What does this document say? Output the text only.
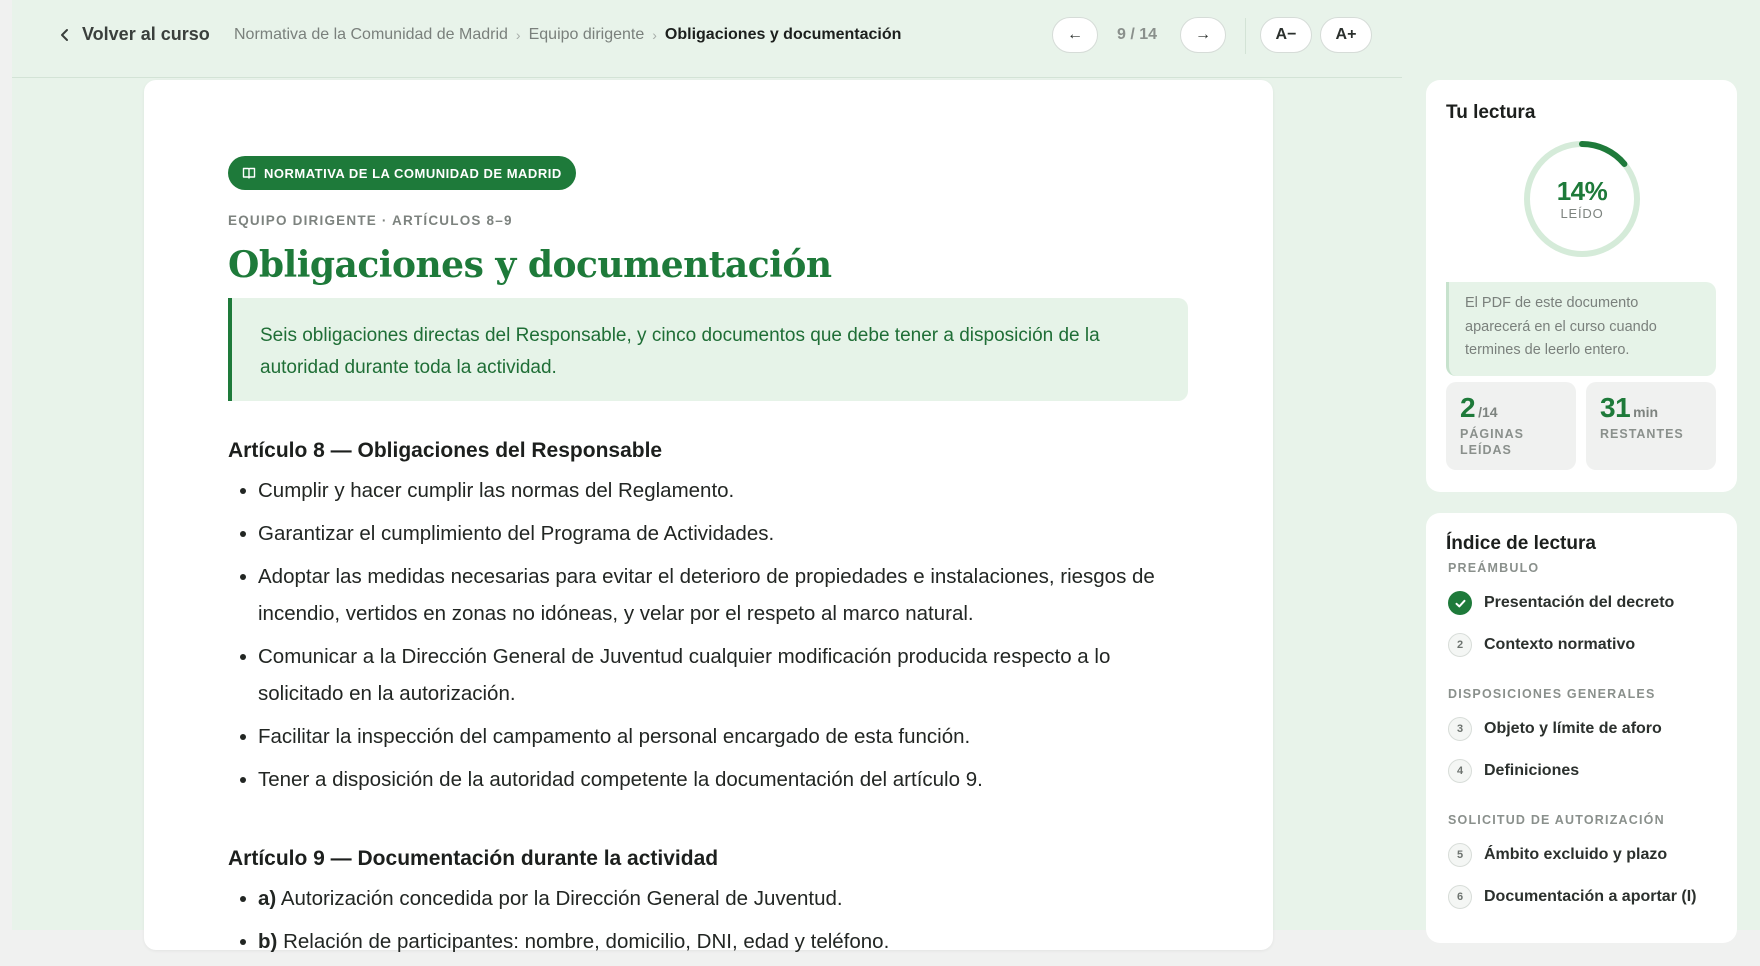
Volver al curso Normativa de la Comunidad de Madrid › Equipo dirigente › Obligaciones y documentación	← 9 / 14 →	A−	A+
NORMATIVA DE LA COMUNIDAD DE MADRID
EQUIPO DIRIGENTE · ARTÍCULOS 8–9
Obligaciones y documentación
Seis obligaciones directas del Responsable, y cinco documentos que debe tener a disposición de la autoridad durante toda la actividad.
Artículo 8 — Obligaciones del Responsable
Cumplir y hacer cumplir las normas del Reglamento.
Garantizar el cumplimiento del Programa de Actividades.
Adoptar las medidas necesarias para evitar el deterioro de propiedades e instalaciones, riesgos de incendio, vertidos en zonas no idóneas, y velar por el respeto al marco natural.
Comunicar a la Dirección General de Juventud cualquier modificación producida respecto a lo solicitado en la autorización.
Facilitar la inspección del campamento al personal encargado de esta función.
Tener a disposición de la autoridad competente la documentación del artículo 9.
Artículo 9 — Documentación durante la actividad
a) Autorización concedida por la Dirección General de Juventud.
b) Relación de participantes: nombre, domicilio, DNI, edad y teléfono.
Tu lectura
14%
LEÍDO
El PDF de este documento aparecerá en el curso cuando termines de leerlo entero.
2 /14
PÁGINAS LEÍDAS
31 min
RESTANTES
Índice de lectura
PREÁMBULO
Presentación del decreto
2	Contexto normativo
DISPOSICIONES GENERALES
3	Objeto y límite de aforo
4	Definiciones
SOLICITUD DE AUTORIZACIÓN
5	Ámbito excluido y plazo
6	Documentación a aportar (I)
